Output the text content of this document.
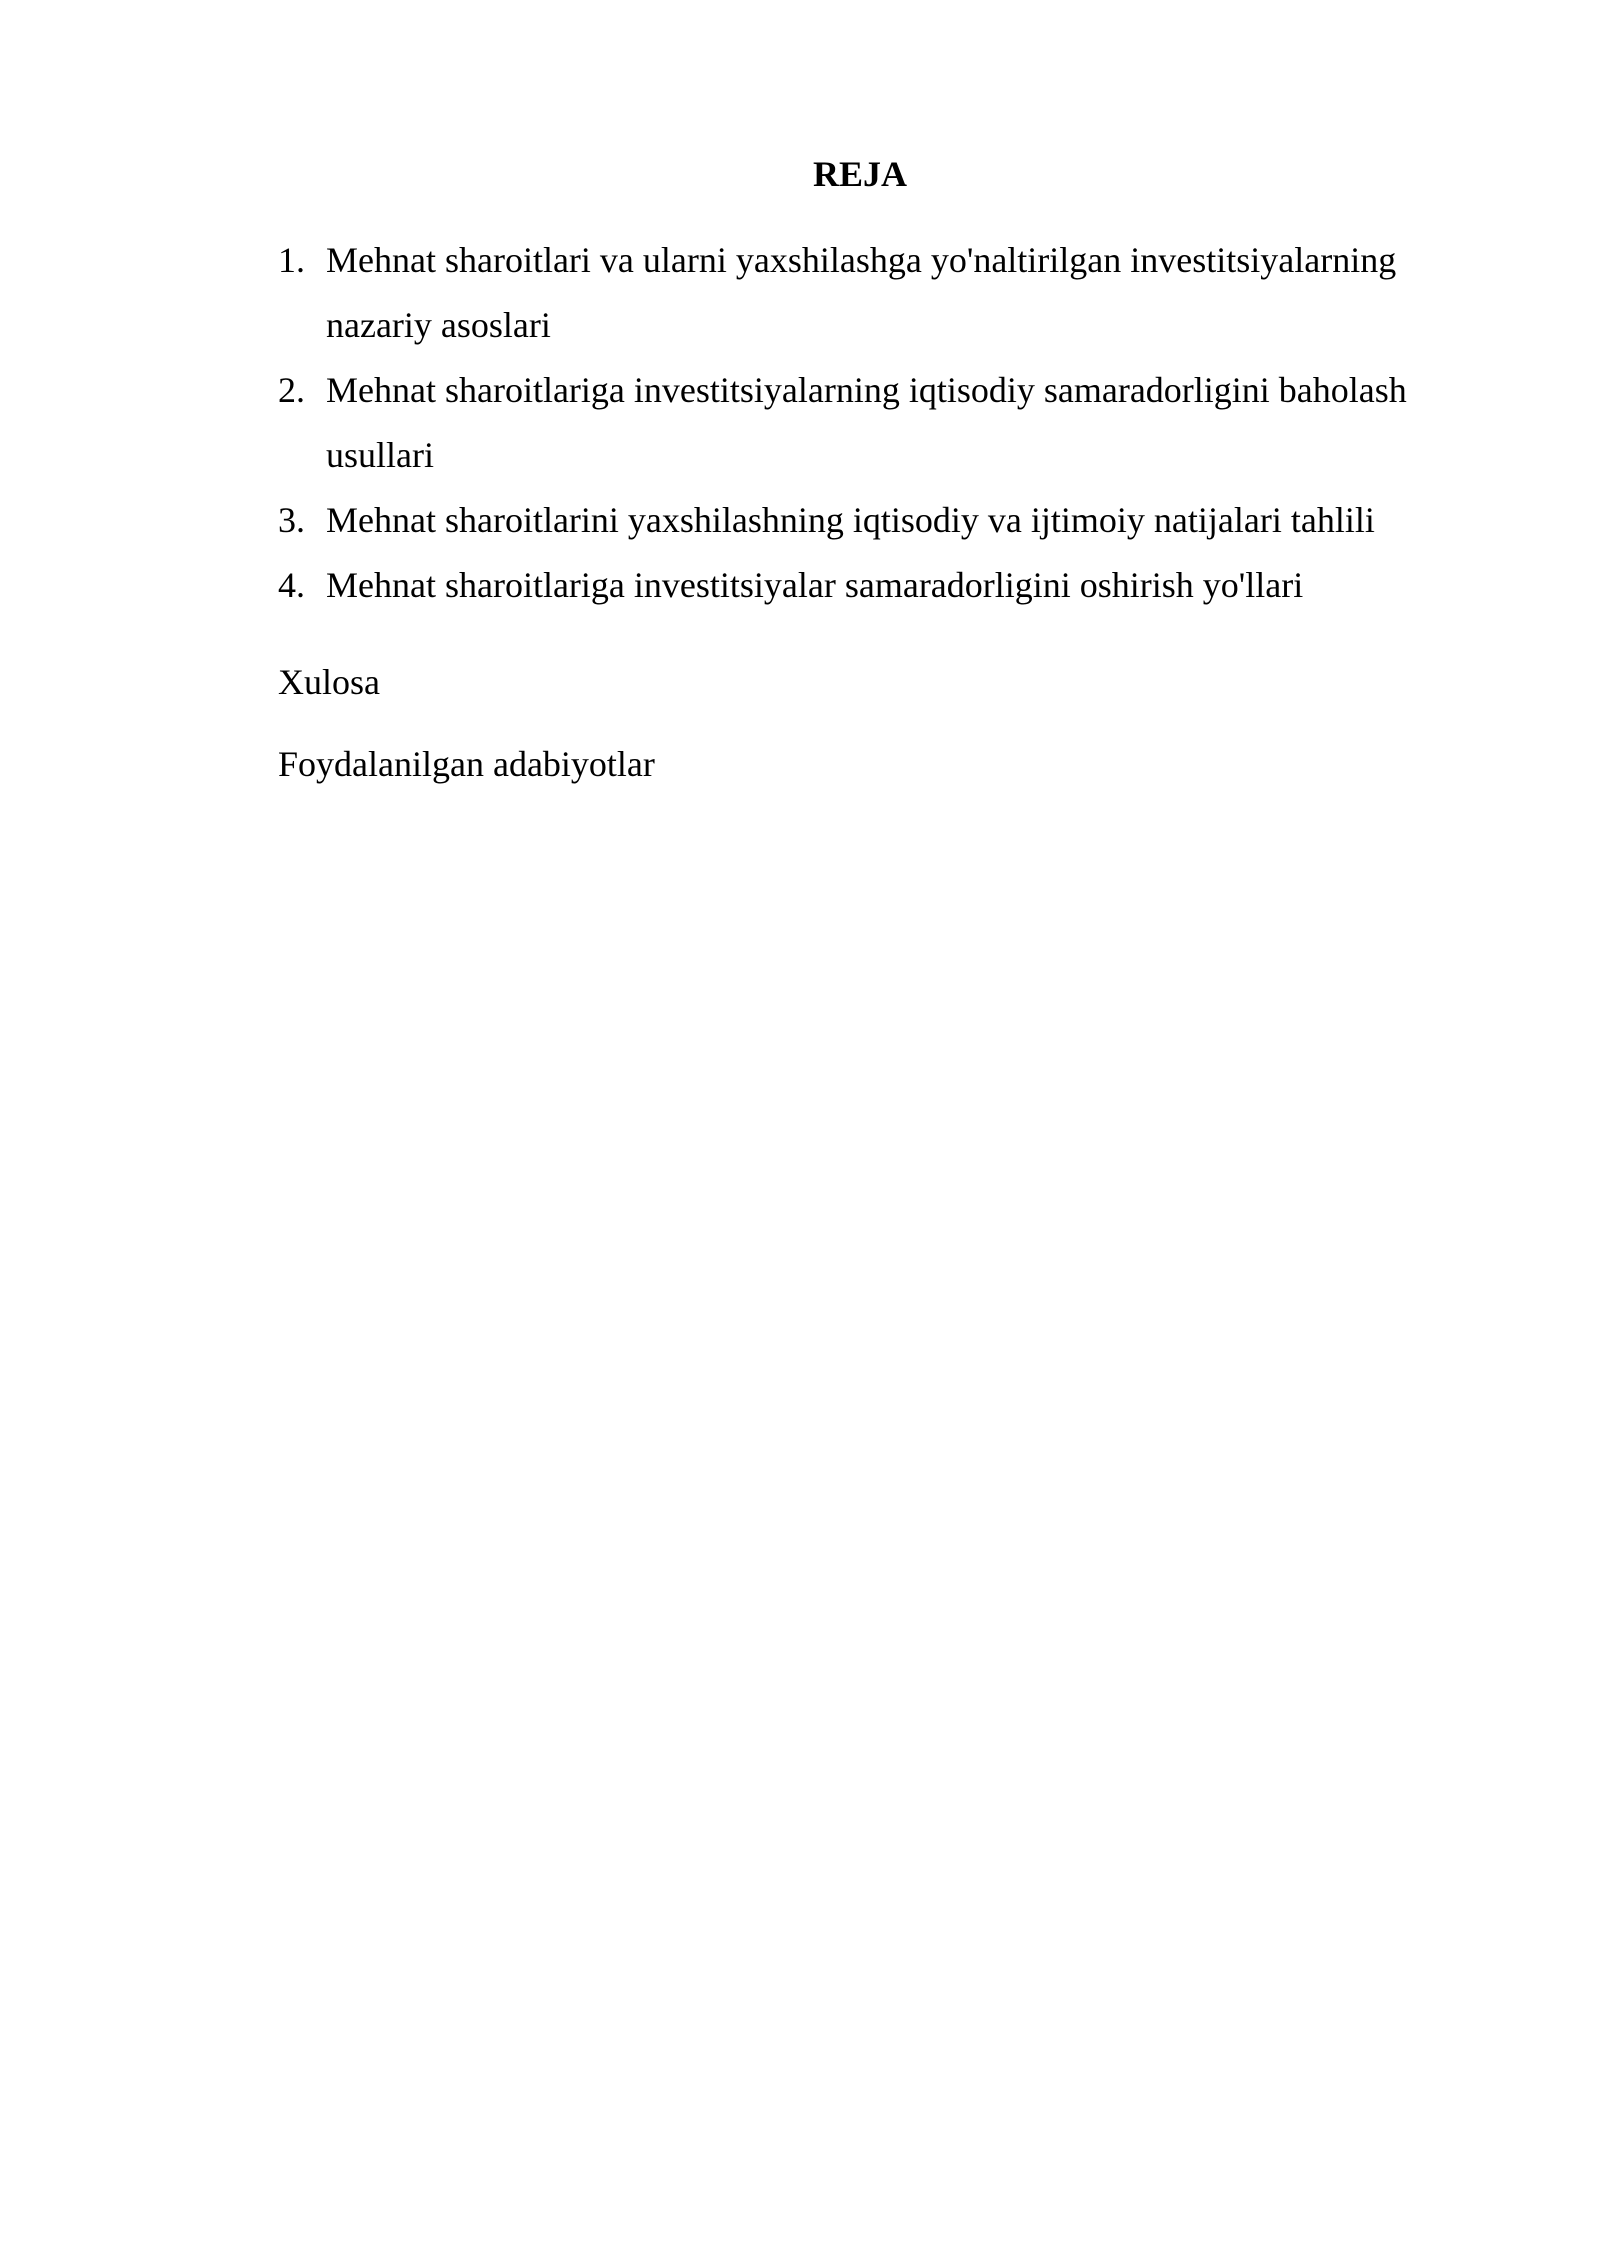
REJA
1. Mehnat sharoitlari va ularni yaxshilashga yo'naltirilgan investitsiyalarning nazariy asoslari
2. Mehnat sharoitlariga investitsiyalarning iqtisodiy samaradorligini baholash usullari
3. Mehnat sharoitlarini yaxshilashning iqtisodiy va ijtimoiy natijalari tahlili
4. Mehnat sharoitlariga investitsiyalar samaradorligini oshirish yo'llari
Xulosa
Foydalanilgan adabiyotlar
